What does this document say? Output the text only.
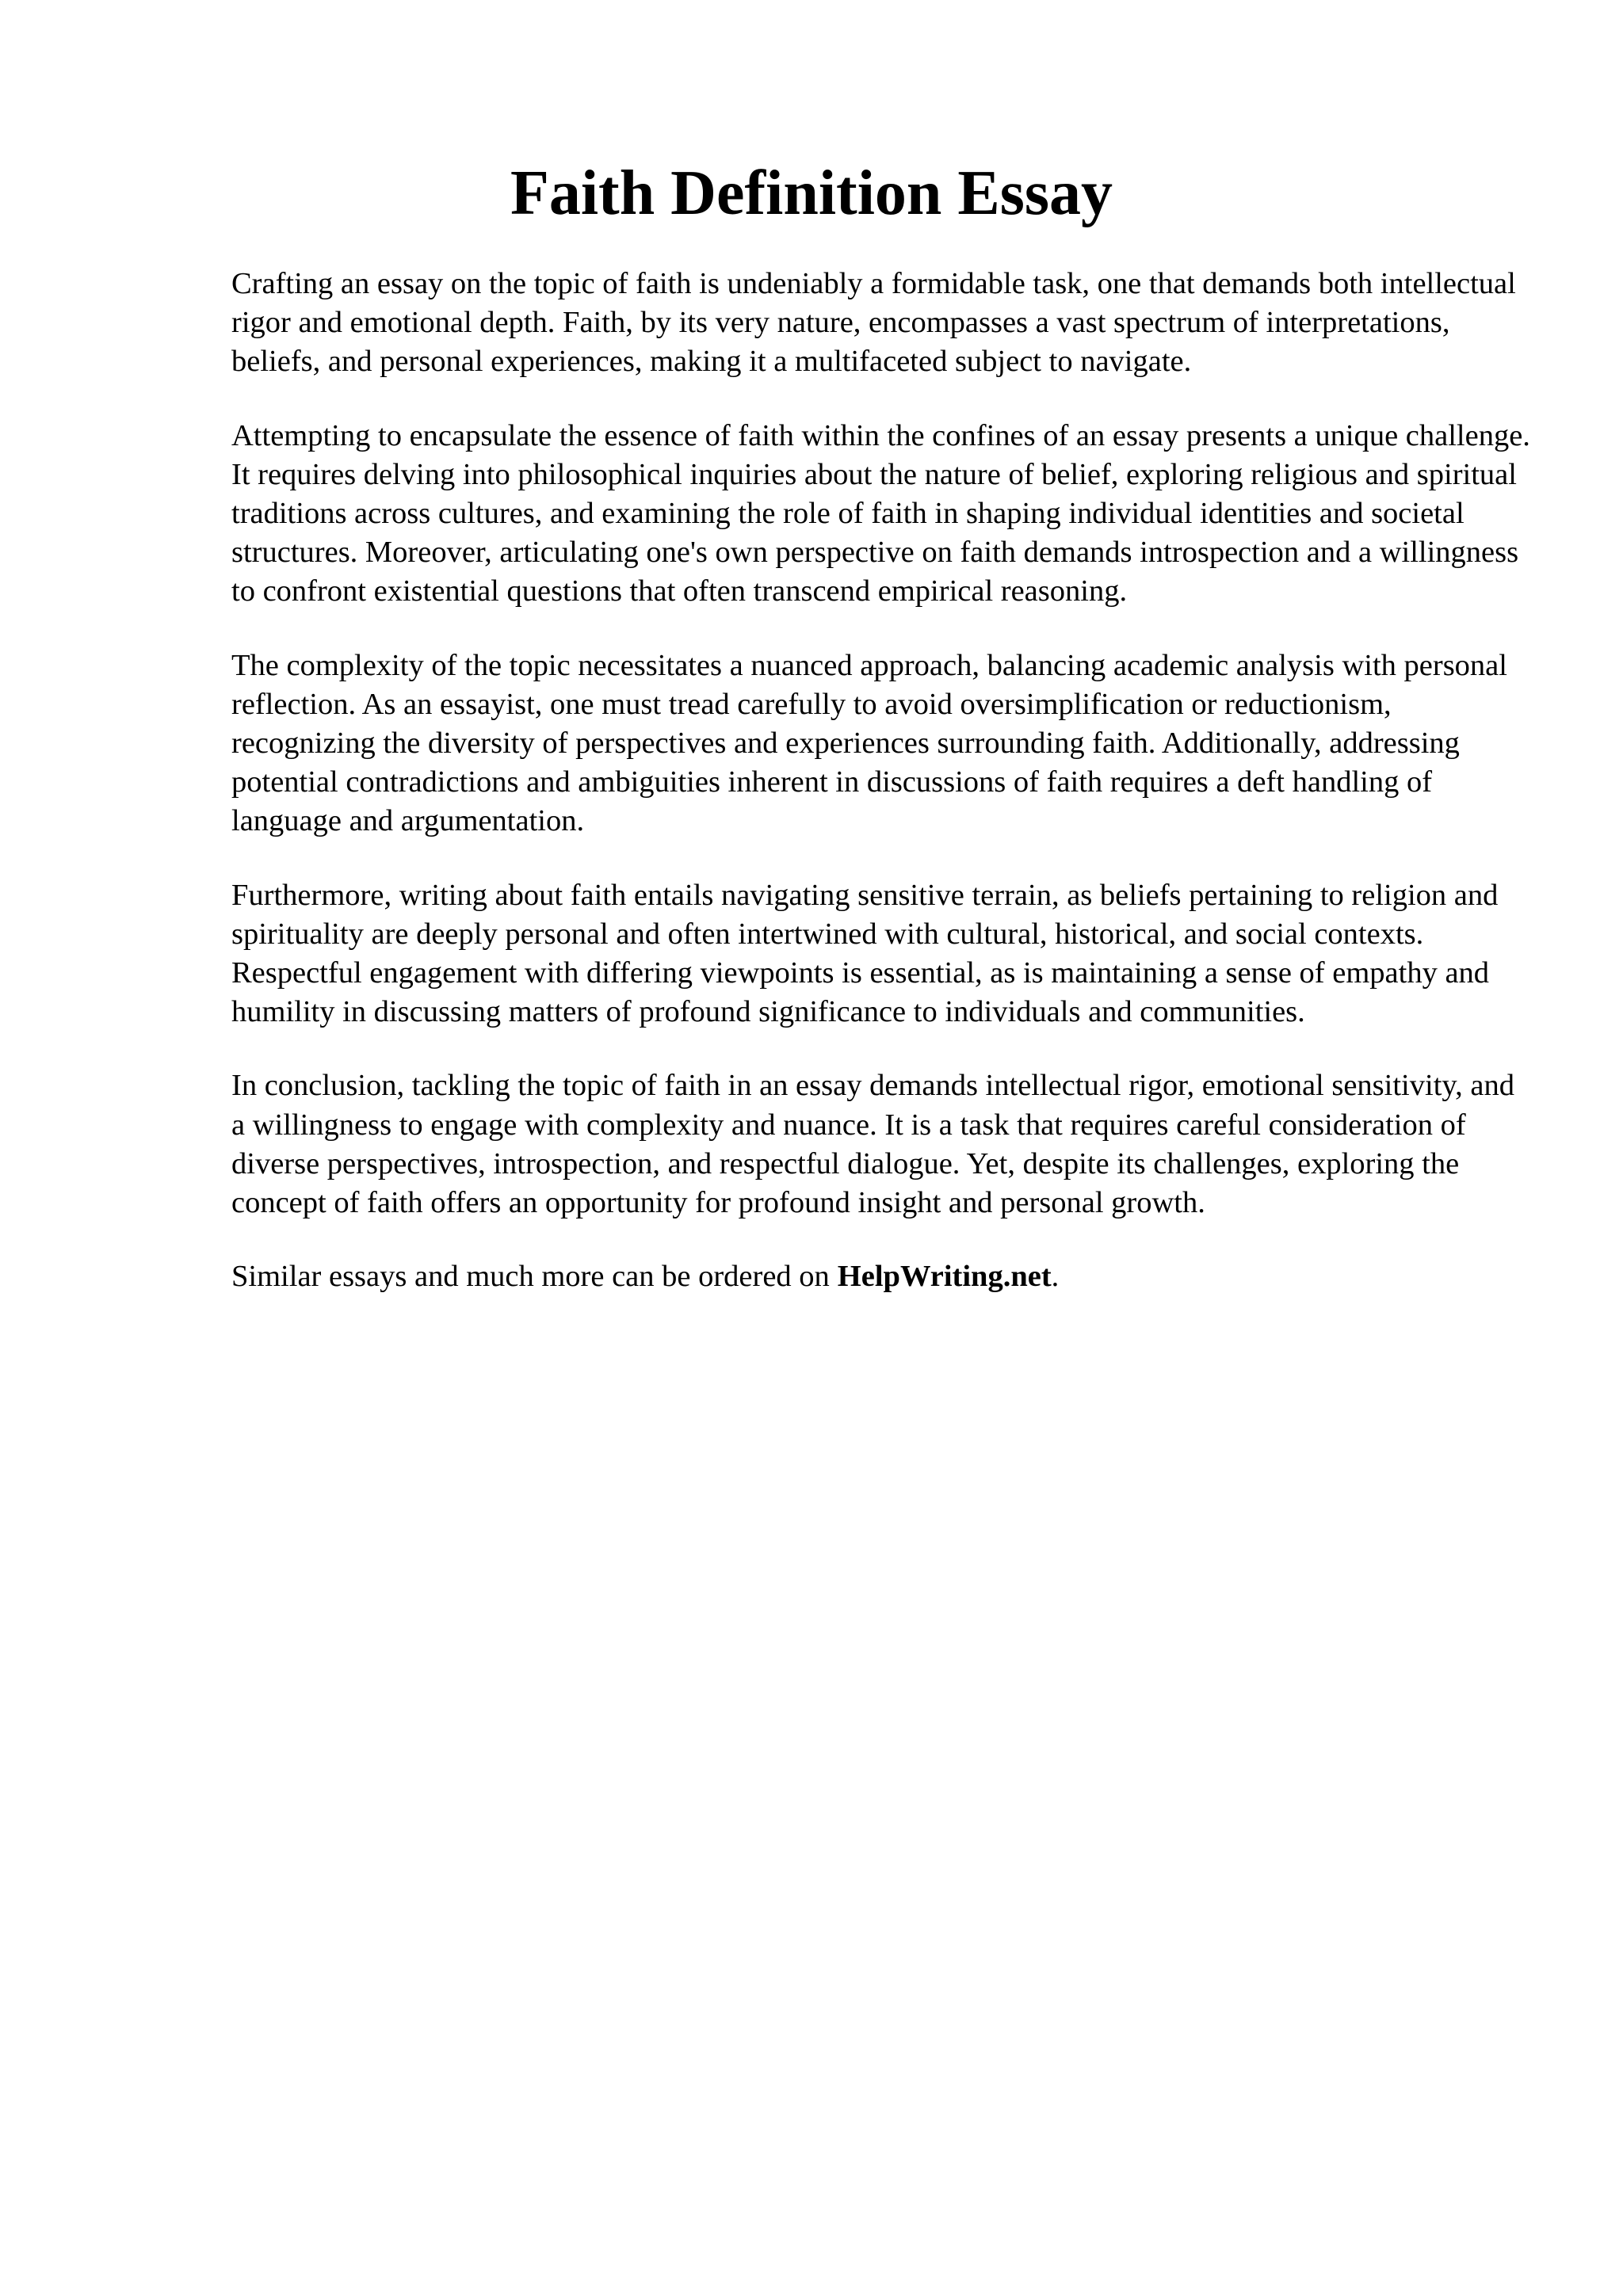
Faith Definition Essay

Crafting an essay on the topic of faith is undeniably a formidable task, one that demands both intellectual rigor and emotional depth. Faith, by its very nature, encompasses a vast spectrum of interpretations, beliefs, and personal experiences, making it a multifaceted subject to navigate.

Attempting to encapsulate the essence of faith within the confines of an essay presents a unique challenge. It requires delving into philosophical inquiries about the nature of belief, exploring religious and spiritual traditions across cultures, and examining the role of faith in shaping individual identities and societal structures. Moreover, articulating one's own perspective on faith demands introspection and a willingness to confront existential questions that often transcend empirical reasoning.

The complexity of the topic necessitates a nuanced approach, balancing academic analysis with personal reflection. As an essayist, one must tread carefully to avoid oversimplification or reductionism, recognizing the diversity of perspectives and experiences surrounding faith. Additionally, addressing potential contradictions and ambiguities inherent in discussions of faith requires a deft handling of language and argumentation.

Furthermore, writing about faith entails navigating sensitive terrain, as beliefs pertaining to religion and spirituality are deeply personal and often intertwined with cultural, historical, and social contexts. Respectful engagement with differing viewpoints is essential, as is maintaining a sense of empathy and humility in discussing matters of profound significance to individuals and communities.

In conclusion, tackling the topic of faith in an essay demands intellectual rigor, emotional sensitivity, and a willingness to engage with complexity and nuance. It is a task that requires careful consideration of diverse perspectives, introspection, and respectful dialogue. Yet, despite its challenges, exploring the concept of faith offers an opportunity for profound insight and personal growth.

Similar essays and much more can be ordered on HelpWriting.net.
